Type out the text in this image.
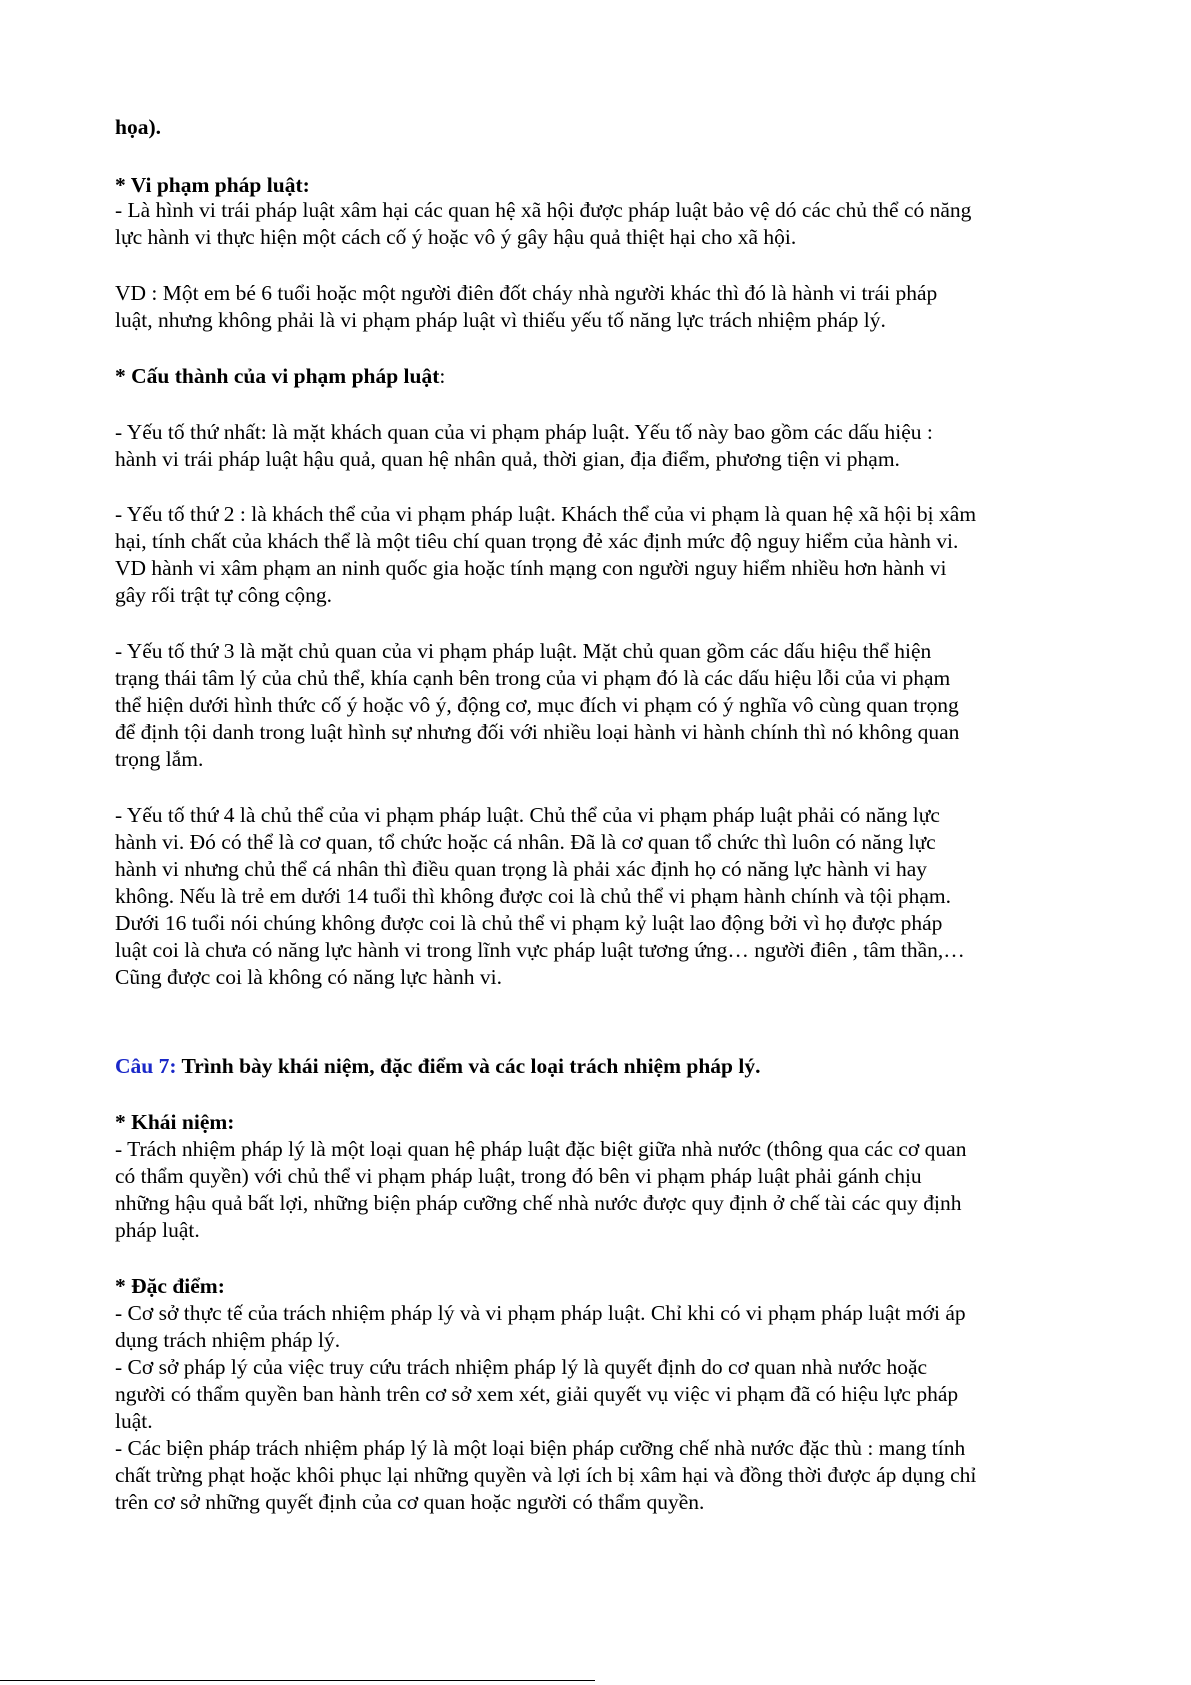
họa).
* Vi phạm pháp luật:
- Là hình vi trái pháp luật xâm hại các quan hệ xã hội được pháp luật bảo vệ dó các chủ thể có năng
lực hành vi thực hiện một cách cố ý hoặc vô ý gây hậu quả thiệt hại cho xã hội.
VD : Một em bé 6 tuổi hoặc một người điên đốt cháy nhà người khác thì đó là hành vi trái pháp
luật, nhưng không phải là vi phạm pháp luật vì thiếu yếu tố năng lực trách nhiệm pháp lý.
* Cấu thành của vi phạm pháp luật:
- Yếu tố thứ nhất: là mặt khách quan của vi phạm pháp luật. Yếu tố này bao gồm các dấu hiệu :
hành vi trái pháp luật hậu quả, quan hệ nhân quả, thời gian, địa điểm, phương tiện vi phạm.
- Yếu tố thứ 2 : là khách thể của vi phạm pháp luật. Khách thể của vi phạm là quan hệ xã hội bị xâm
hại, tính chất của khách thể là một tiêu chí quan trọng đẻ xác định mức độ nguy hiểm của hành vi.
VD hành vi xâm phạm an ninh quốc gia hoặc tính mạng con người nguy hiểm nhiều hơn hành vi
gây rối trật tự công cộng.
- Yếu tố thứ 3 là mặt chủ quan của vi phạm pháp luật. Mặt chủ quan gồm các dấu hiệu thể hiện
trạng thái tâm lý của chủ thể, khía cạnh bên trong của vi phạm đó là các dấu hiệu lỗi của vi phạm
thể hiện dưới hình thức cố ý hoặc vô ý, động cơ, mục đích vi phạm có ý nghĩa vô cùng quan trọng
để định tội danh trong luật hình sự nhưng đối với nhiều loại hành vi hành chính thì nó không quan
trọng lắm.
- Yếu tố thứ 4 là chủ thể của vi phạm pháp luật. Chủ thể của vi phạm pháp luật phải có năng lực
hành vi. Đó có thể là cơ quan, tổ chức hoặc cá nhân. Đã là cơ quan tổ chức thì luôn có năng lực
hành vi nhưng chủ thể cá nhân thì điều quan trọng là phải xác định họ có năng lực hành vi hay
không. Nếu là trẻ em dưới 14 tuổi thì không được coi là chủ thể vi phạm hành chính và tội phạm.
Dưới 16 tuổi nói chúng không được coi là chủ thể vi phạm kỷ luật lao động bởi vì họ được pháp
luật coi là chưa có năng lực hành vi trong lĩnh vực pháp luật tương ứng… người điên , tâm thần,…
Cũng được coi là không có năng lực hành vi.
Câu 7: Trình bày khái niệm, đặc điểm và các loại trách nhiệm pháp lý.
* Khái niệm:
- Trách nhiệm pháp lý là một loại quan hệ pháp luật đặc biệt giữa nhà nước (thông qua các cơ quan
có thẩm quyền) với chủ thể vi phạm pháp luật, trong đó bên vi phạm pháp luật phải gánh chịu
những hậu quả bất lợi, những biện pháp cưỡng chế nhà nước được quy định ở chế tài các quy định
pháp luật.
* Đặc điểm:
- Cơ sở thực tế của trách nhiệm pháp lý và vi phạm pháp luật. Chỉ khi có vi phạm pháp luật mới áp
dụng trách nhiệm pháp lý.
- Cơ sở pháp lý của việc truy cứu trách nhiệm pháp lý là quyết định do cơ quan nhà nước hoặc
người có thẩm quyền ban hành trên cơ sở xem xét, giải quyết vụ việc vi phạm đã có hiệu lực pháp
luật.
- Các biện pháp trách nhiệm pháp lý là một loại biện pháp cưỡng chế nhà nước đặc thù : mang tính
chất trừng phạt hoặc khôi phục lại những quyền và lợi ích bị xâm hại và đồng thời được áp dụng chỉ
trên cơ sở những quyết định của cơ quan hoặc người có thẩm quyền.
